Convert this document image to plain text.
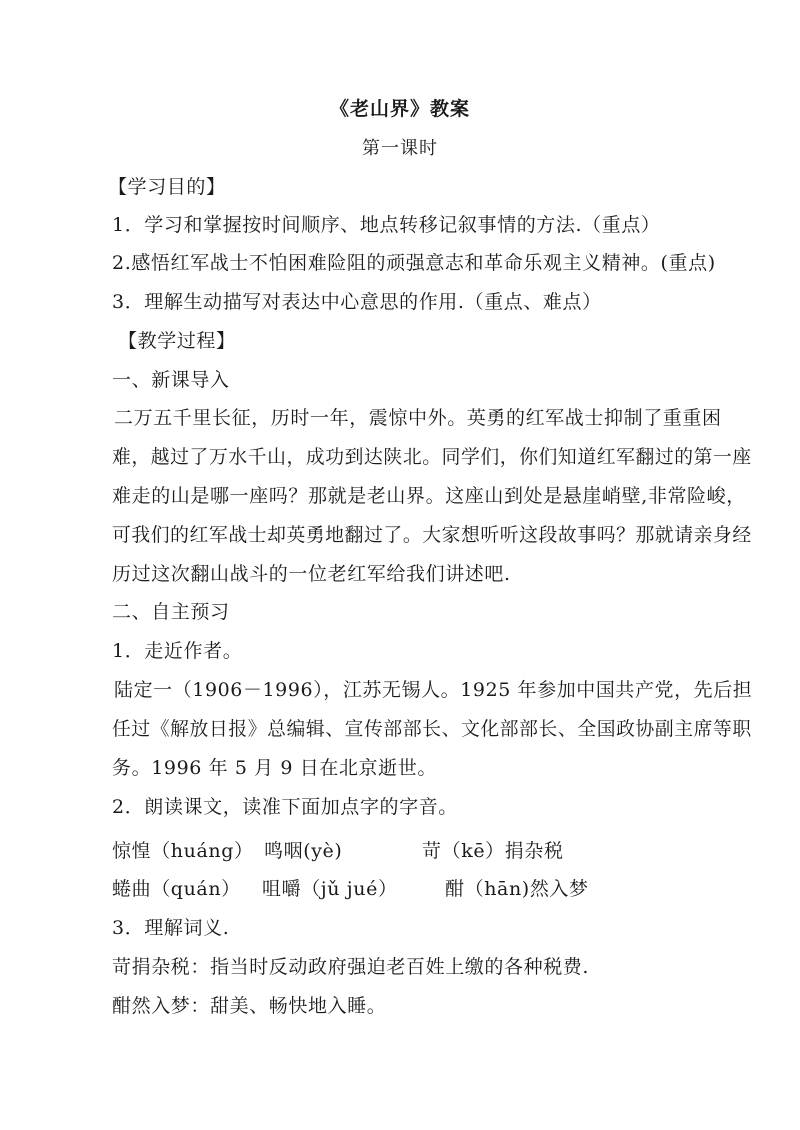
《老山界》教案
第一课时
【学习目的】
1．学习和掌握按时间顺序、地点转移记叙事情的方法.（重点）
2.感悟红军战士不怕困难险阻的顽强意志和革命乐观主义精神。(重点)
3．理解生动描写对表达中心意思的作用.（重点、难点）
【教学过程】
一、新课导入
二万五千里长征，历时一年，震惊中外。英勇的红军战士抑制了重重困
难，越过了万水千山，成功到达陕北。同学们，你们知道红军翻过的第一座
难走的山是哪一座吗？那就是老山界。这座山到处是悬崖峭壁,非常险峻，
可我们的红军战士却英勇地翻过了。大家想听听这段故事吗？那就请亲身经
历过这次翻山战斗的一位老红军给我们讲述吧.
二、自主预习
1．走近作者。
陆定一（1906－1996），江苏无锡人。1925 年参加中国共产党，先后担
任过《解放日报》总编辑、宣传部部长、文化部部长、全国政协副主席等职
务。1996 年 5 月 9 日在北京逝世。
2．朗读课文，读准下面加点字的字音。
惊惶（huáng） 鸣咽(yè)	苛（kē）捐杂税
蜷曲（quán） 咀嚼（jǔ jué） 酣（hān)然入梦
3．理解词义.
苛捐杂税：指当时反动政府强迫老百姓上缴的各种税费.
酣然入梦：甜美、畅快地入睡。
